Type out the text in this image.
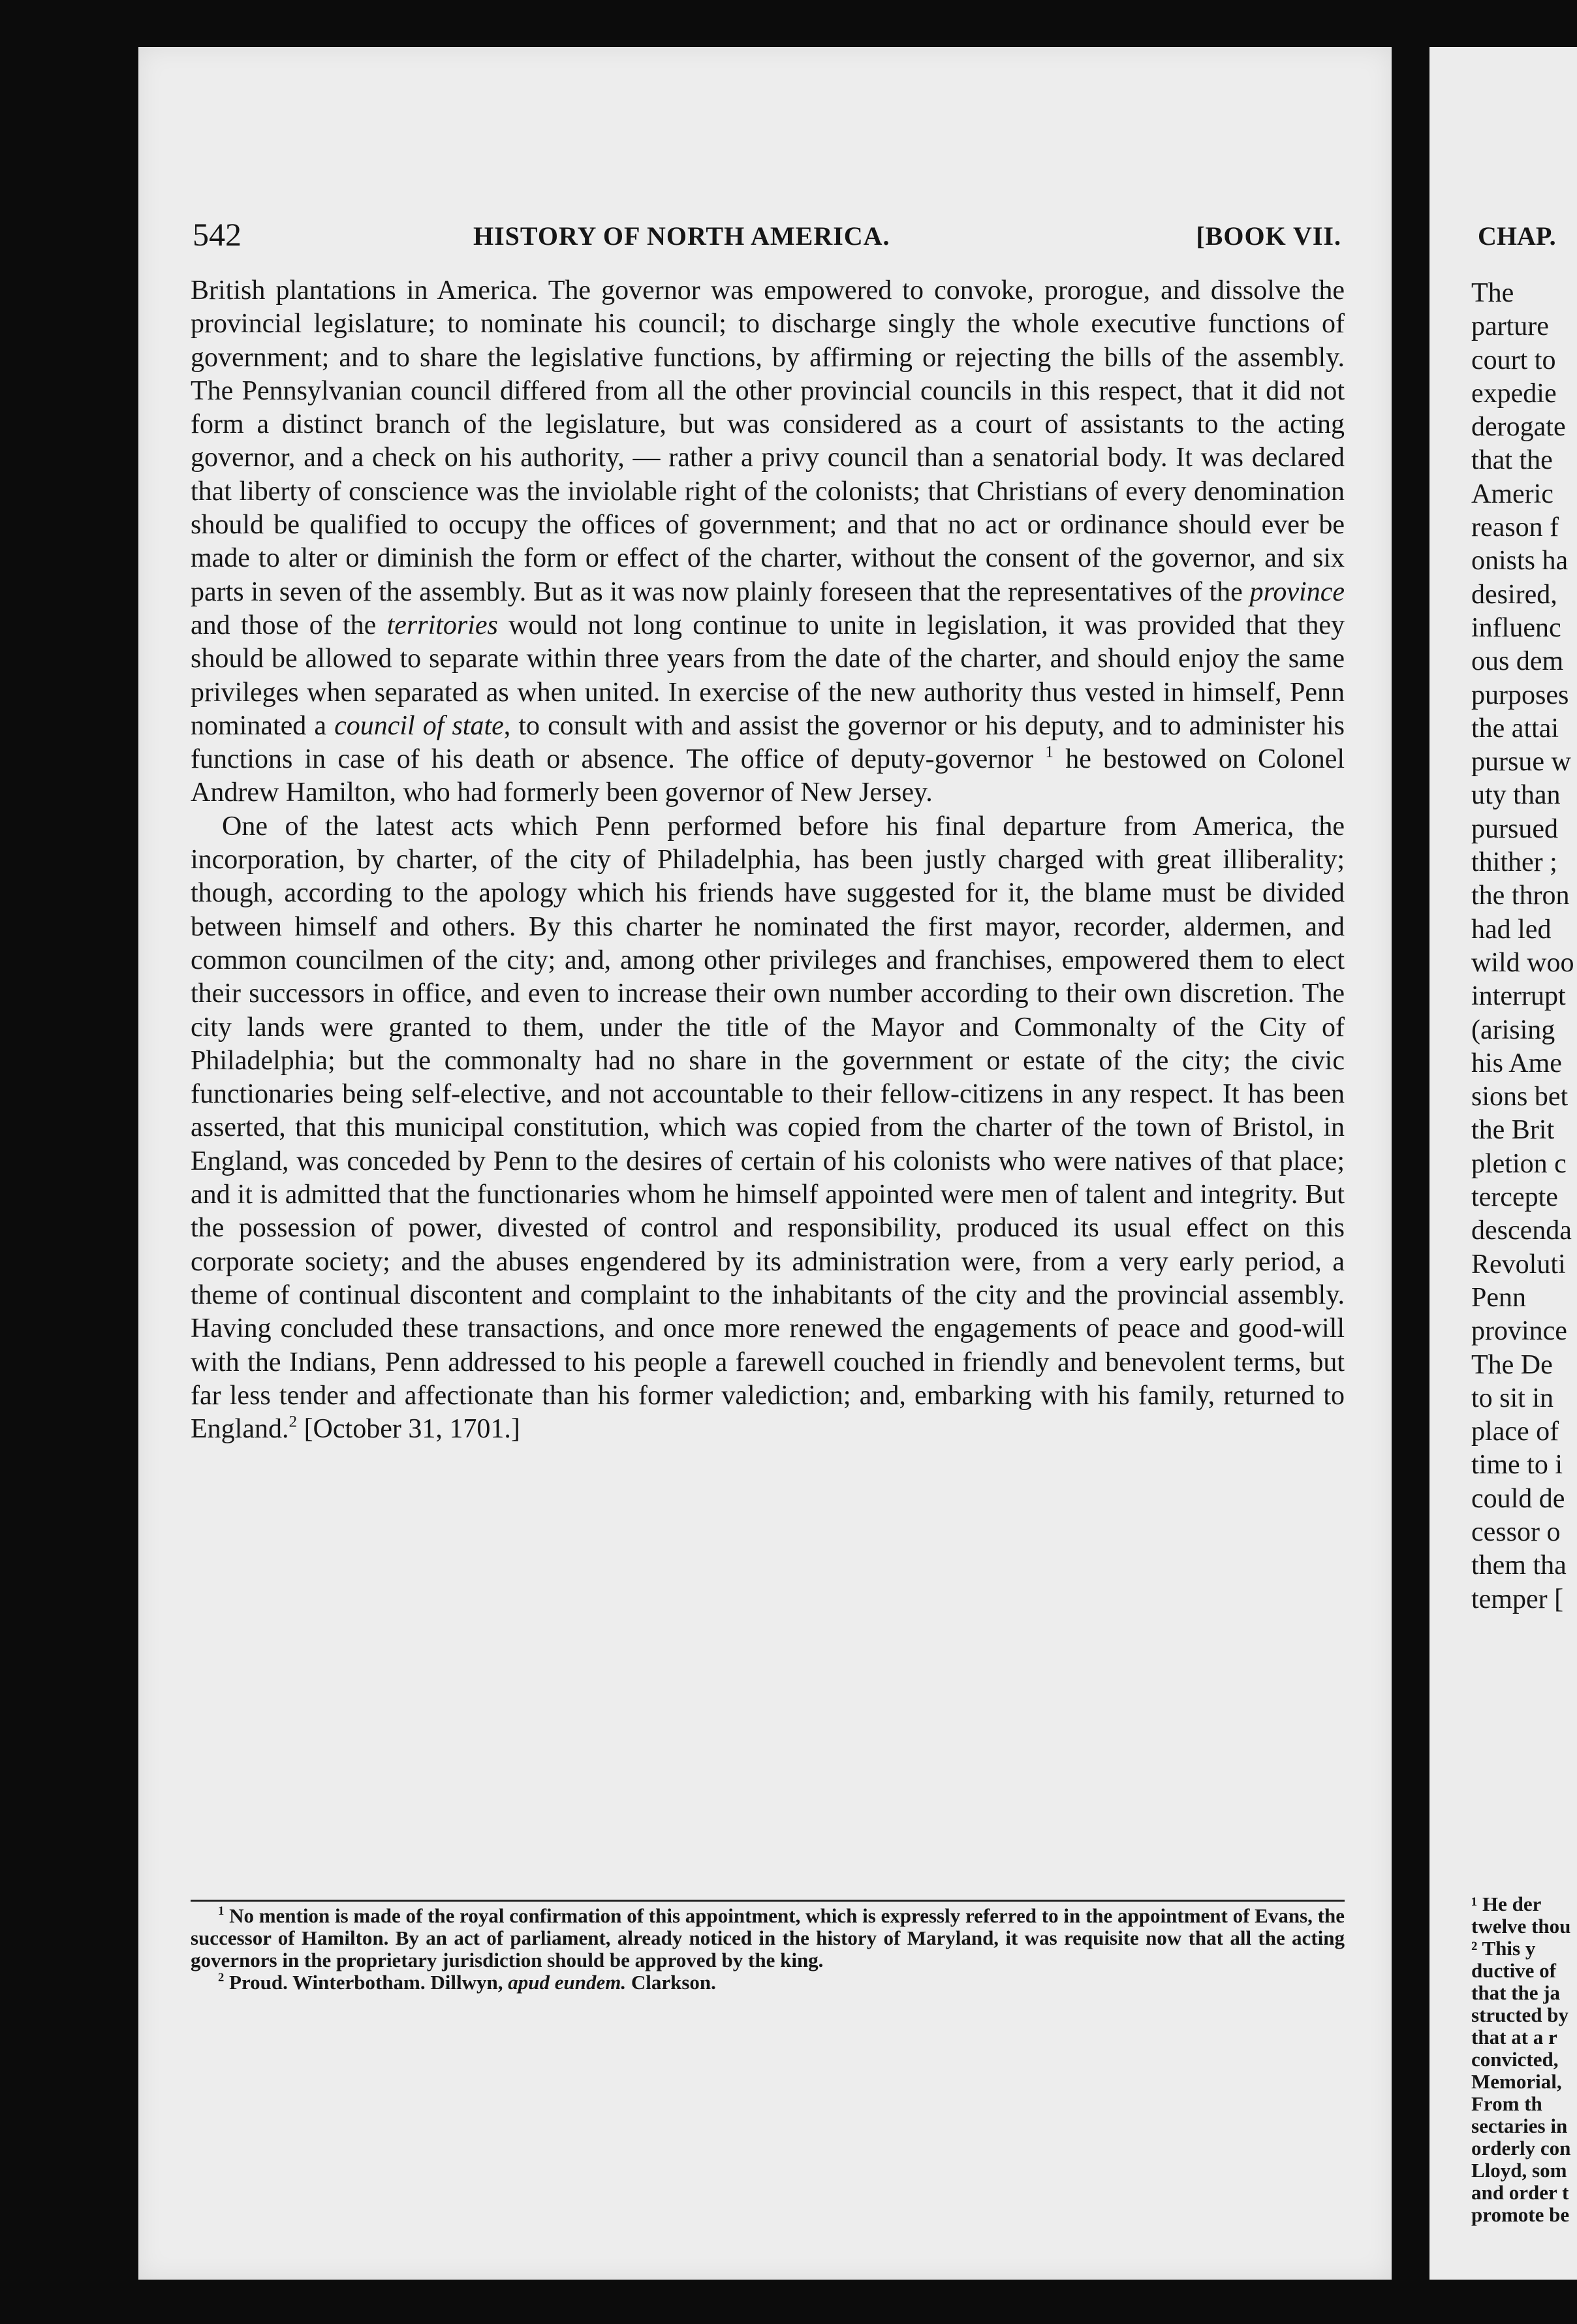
542	HISTORY OF NORTH AMERICA.	[BOOK VII.

British plantations in America. The governor was empowered to convoke, prorogue, and dissolve the provincial legislature; to nominate his council; to discharge singly the whole executive functions of government; and to share the legislative functions, by affirming or rejecting the bills of the assembly. The Pennsylvanian council differed from all the other provincial councils in this respect, that it did not form a distinct branch of the legislature, but was considered as a court of assistants to the acting governor, and a check on his authority, — rather a privy council than a senatorial body. It was declared that liberty of conscience was the inviolable right of the colonists; that Christians of every denomination should be qualified to occupy the offices of government; and that no act or ordinance should ever be made to alter or diminish the form or effect of the charter, without the consent of the governor, and six parts in seven of the assembly. But as it was now plainly foreseen that the representatives of the province and those of the territories would not long continue to unite in legislation, it was provided that they should be allowed to separate within three years from the date of the charter, and should enjoy the same privileges when separated as when united. In exercise of the new authority thus vested in himself, Penn nominated a council of state, to consult with and assist the governor or his deputy, and to administer his functions in case of his death or absence. The office of deputy-governor $^1$ he bestowed on Colonel Andrew Hamilton, who had formerly been governor of New Jersey.

One of the latest acts which Penn performed before his final departure from America, the incorporation, by charter, of the city of Philadelphia, has been justly charged with great illiberality; though, according to the apology which his friends have suggested for it, the blame must be divided between himself and others. By this charter he nominated the first mayor, recorder, aldermen, and common councilmen of the city; and, among other privileges and franchises, empowered them to elect their successors in office, and even to increase their own number according to their own discretion. The city lands were granted to them, under the title of the Mayor and Commonalty of the City of Philadelphia; but the commonalty had no share in the government or estate of the city; the civic functionaries being self-elective, and not accountable to their fellow-citizens in any respect. It has been asserted, that this municipal constitution, which was copied from the charter of the town of Bristol, in England, was conceded by Penn to the desires of certain of his colonists who were natives of that place; and it is admitted that the functionaries whom he himself appointed were men of talent and integrity. But the possession of power, divested of control and responsibility, produced its usual effect on this corporate society; and the abuses engendered by its administration were, from a very early period, a theme of continual discontent and complaint to the inhabitants of the city and the provincial assembly. Having concluded these transactions, and once more renewed the engagements of peace and good-will with the Indians, Penn addressed to his people a farewell couched in friendly and benevolent terms, but far less tender and affectionate than his former valediction; and, embarking with his family, returned to England.$^2$ [October 31, 1701.]

$^1$ No mention is made of the royal confirmation of this appointment, which is expressly referred to in the appointment of Evans, the successor of Hamilton. By an act of parliament, already noticed in the history of Maryland, it was requisite now that all the acting governors in the proprietary jurisdiction should be approved by the king.

$^2$ Proud. Winterbotham. Dillwyn, apud eundem. Clarkson.

CHAP.
The
parture
court to
expedie
derogate
that the
Americ
reason f
onists ha
desired,
influenc
ous dem
purposes
the attai
pursue w
uty than
pursued
thither ;
the thron
had led
wild woo
interrupt
(arising
his Ame
sions bet
the Brit
pletion c
tercepte
descenda
Revoluti
Penn
province
The De
to sit in
place of
time to i
could de
cessor o
them tha
temper [
¹ He der
twelve thou
² This y
ductive of
that the ja
structed by
that at a r
convicted,
Memorial,
From th
sectaries in
orderly con
Lloyd, som
and order t
promote be
